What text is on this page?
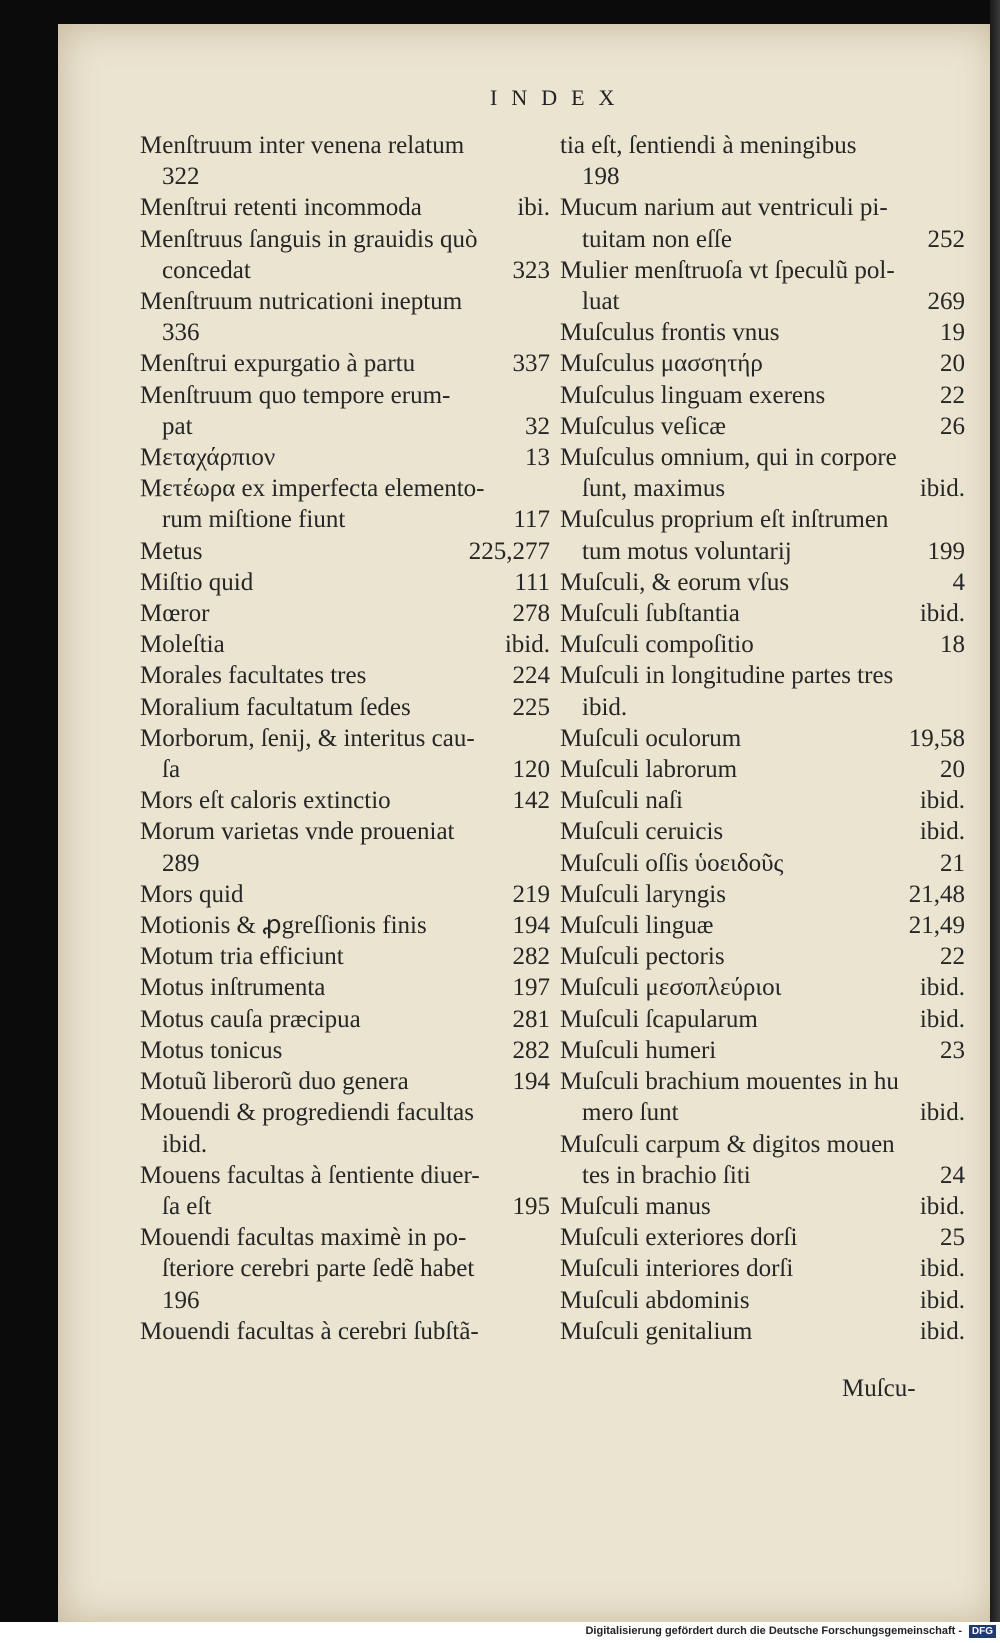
INDEX
Menſtruum inter venena relatum
322
Menſtrui retenti incommoda	ibi.
Menſtruus ſanguis in grauidis quò
concedat	323
Menſtruum nutricationi ineptum
336
Menſtrui expurgatio à partu	337
Menſtruum quo tempore erum-
pat	32
Μεταχάρπιον	13
Μετέωρα ex imperfecta elemento-
rum miſtione fiunt	117
Metus	225,277
Miſtio quid	111
Mœror	278
Moleſtia	ibid.
Morales facultates tres	224
Moralium facultatum ſedes	225
Morborum, ſenij, & interitus cau-
ſa	120
Mors eſt caloris extinctio	142
Morum varietas vnde proueniat
289
Mors quid	219
Motionis & ꝓgreſſionis finis	194
Motum tria efficiunt	282
Motus inſtrumenta	197
Motus cauſa præcipua	281
Motus tonicus	282
Motuũ liberorũ duo genera	194
Mouendi & progrediendi facultas
ibid.
Mouens facultas à ſentiente diuer-
ſa eſt	195
Mouendi facultas maximè in po-
ſteriore cerebri parte ſedẽ habet
196
Mouendi facultas à cerebri ſubſtã-
tia eſt, ſentiendi à meningibus
198
Mucum narium aut ventriculi pi-
tuitam non eſſe	252
Mulier menſtruoſa vt ſpeculũ pol-
luat	269
Muſculus frontis vnus	19
Muſculus μασσητήρ	20
Muſculus linguam exerens	22
Muſculus veſicæ	26
Muſculus omnium, qui in corpore
ſunt, maximus	ibid.
Muſculus proprium eſt inſtrumen
tum motus voluntarij	199
Muſculi, & eorum vſus	4
Muſculi ſubſtantia	ibid.
Muſculi compoſitio	18
Muſculi in longitudine partes tres
ibid.
Muſculi oculorum	19,58
Muſculi labrorum	20
Muſculi naſi	ibid.
Muſculi ceruicis	ibid.
Muſculi oſſis ὑοειδοῦς	21
Muſculi laryngis	21,48
Muſculi linguæ	21,49
Muſculi pectoris	22
Muſculi μεσοπλεύριοι	ibid.
Muſculi ſcapularum	ibid.
Muſculi humeri	23
Muſculi brachium mouentes in hu
mero ſunt	ibid.
Muſculi carpum & digitos mouen
tes in brachio ſiti	24
Muſculi manus	ibid.
Muſculi exteriores dorſi	25
Muſculi interiores dorſi	ibid.
Muſculi abdominis	ibid.
Muſculi genitalium	ibid.
Muſcu-
Digitalisierung gefördert durch die Deutsche Forschungsgemeinschaft - DFG
